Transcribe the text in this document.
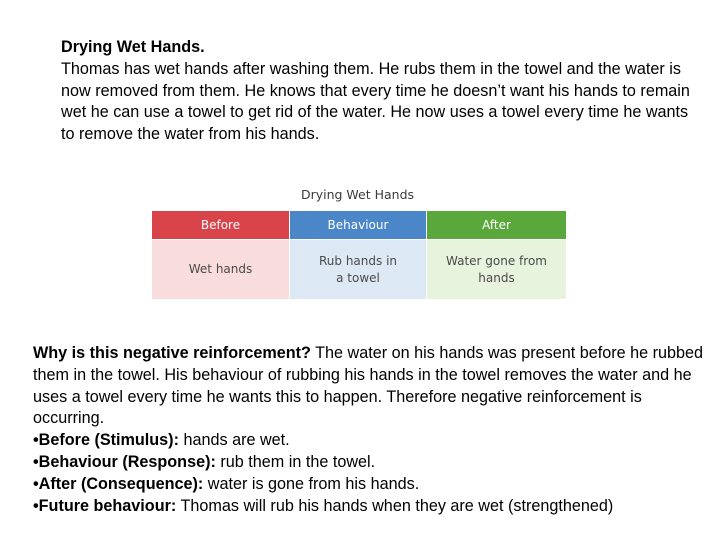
Drying Wet Hands.
Thomas has wet hands after washing them. He rubs them in the towel and the water is now removed from them. He knows that every time he doesn’t want his hands to remain wet he can use a towel to get rid of the water. He now uses a towel every time he wants to remove the water from his hands.
Drying Wet Hands
Before	Behaviour	After
Wet hands
Rub hands in a towel
Water gone from hands
Why is this negative reinforcement? The water on his hands was present before he rubbed them in the towel. His behaviour of rubbing his hands in the towel removes the water and he uses a towel every time he wants this to happen. Therefore negative reinforcement is occurring.
•Before (Stimulus): hands are wet.
•Behaviour (Response): rub them in the towel.
•After (Consequence): water is gone from his hands.
•Future behaviour: Thomas will rub his hands when they are wet (strengthened)
